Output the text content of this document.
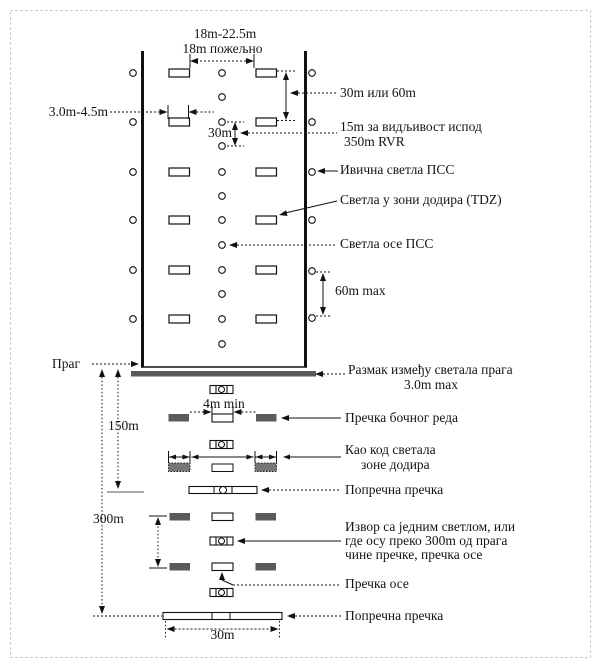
18m-22.5m
18m пожељно
3.0m-4.5m
30m или 60m
30m	15m за видљивост испод
350m RVR
Ивична светла ПСС
Светла у зони додира (TDZ)
Светла осе ПСС
60m max
Праг	Размак између светала прага
3.0m max
150m
300m
4m min
Пречка бочног реда
Као код светала
зоне додира
Попречна пречка
Извор са једним светлом, или
где осу преко 300m од прага
чине пречке, пречка осе
Пречка осе
Попречна пречка
30m
